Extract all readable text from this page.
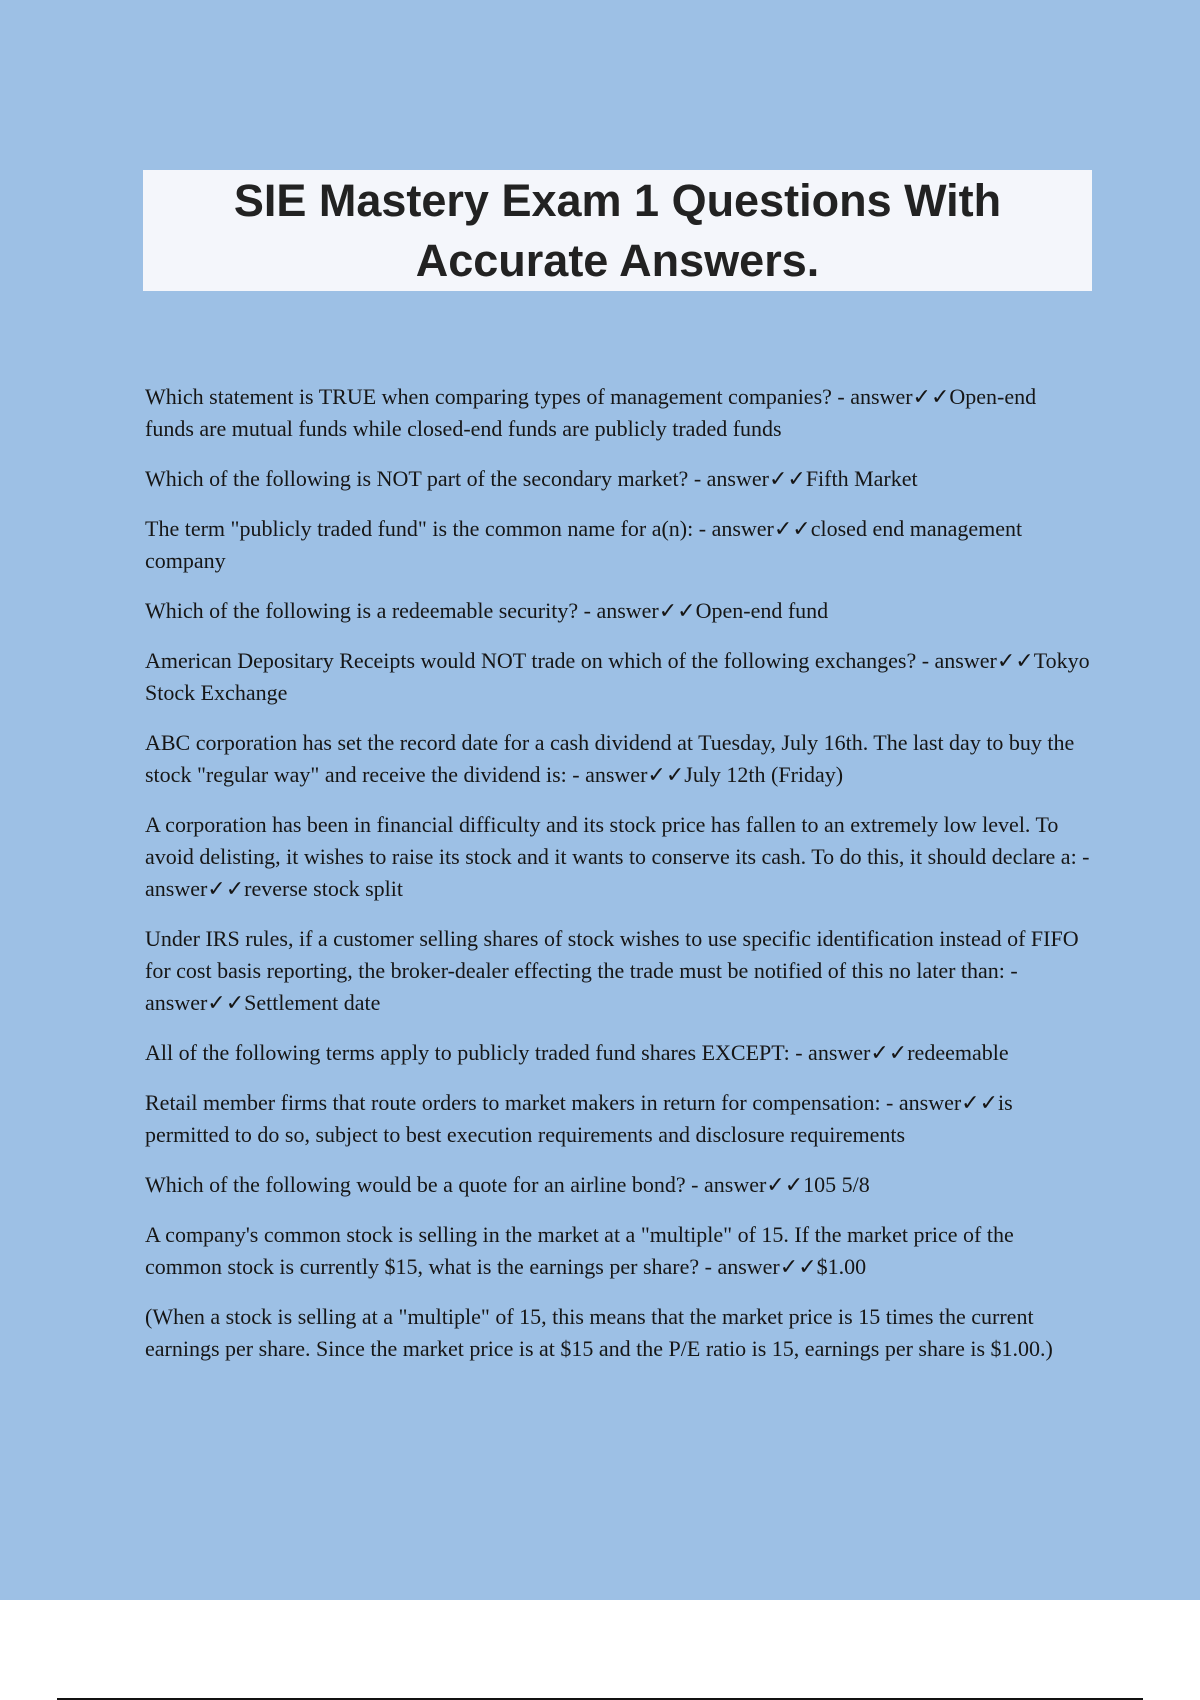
SIE Mastery Exam 1 Questions With Accurate Answers.
Which statement is TRUE when comparing types of management companies? - answer✓✓Open-end funds are mutual funds while closed-end funds are publicly traded funds
Which of the following is NOT part of the secondary market? - answer✓✓Fifth Market
The term "publicly traded fund" is the common name for a(n): - answer✓✓closed end management company
Which of the following is a redeemable security? - answer✓✓Open-end fund
American Depositary Receipts would NOT trade on which of the following exchanges? - answer✓✓Tokyo Stock Exchange
ABC corporation has set the record date for a cash dividend at Tuesday, July 16th. The last day to buy the stock "regular way" and receive the dividend is: - answer✓✓July 12th (Friday)
A corporation has been in financial difficulty and its stock price has fallen to an extremely low level. To avoid delisting, it wishes to raise its stock and it wants to conserve its cash. To do this, it should declare a: - answer✓✓reverse stock split
Under IRS rules, if a customer selling shares of stock wishes to use specific identification instead of FIFO for cost basis reporting, the broker-dealer effecting the trade must be notified of this no later than: - answer✓✓Settlement date
All of the following terms apply to publicly traded fund shares EXCEPT: - answer✓✓redeemable
Retail member firms that route orders to market makers in return for compensation: - answer✓✓is permitted to do so, subject to best execution requirements and disclosure requirements
Which of the following would be a quote for an airline bond? - answer✓✓105 5/8
A company's common stock is selling in the market at a "multiple" of 15. If the market price of the common stock is currently $15, what is the earnings per share? - answer✓✓$1.00
(When a stock is selling at a "multiple" of 15, this means that the market price is 15 times the current earnings per share. Since the market price is at $15 and the P/E ratio is 15, earnings per share is $1.00.)
